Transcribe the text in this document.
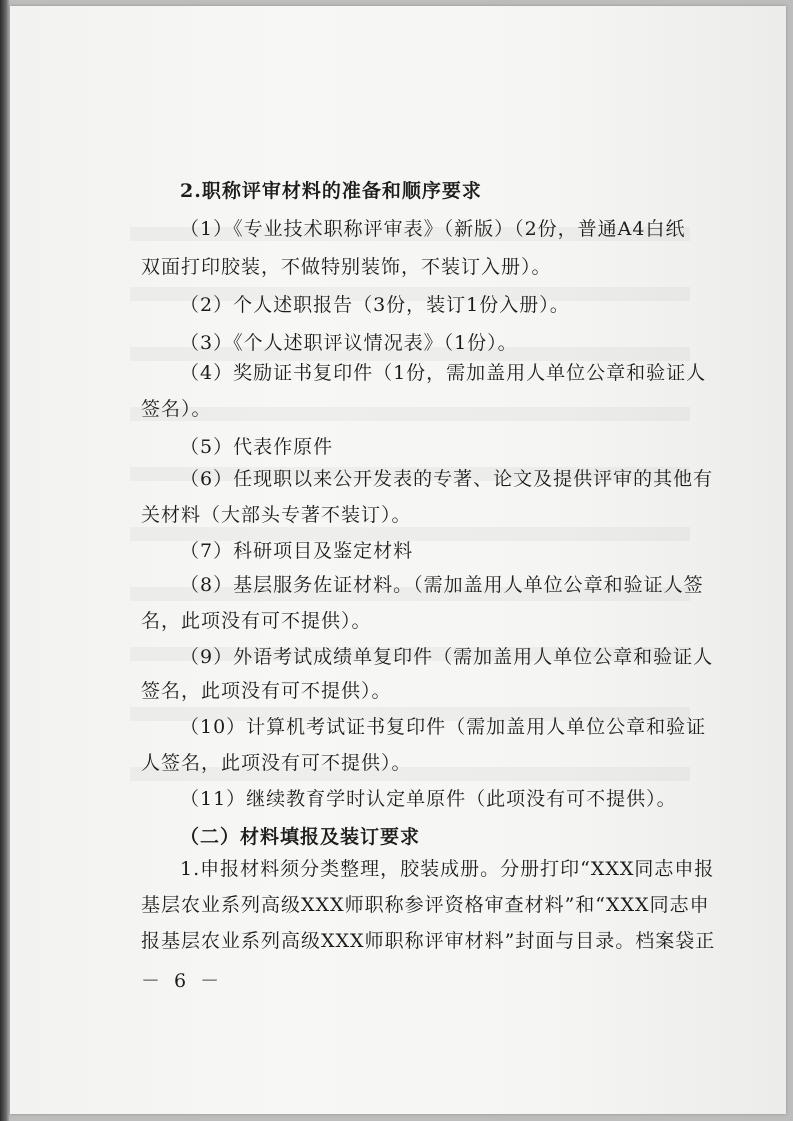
2.职称评审材料的准备和顺序要求
（1）《专业技术职称评审表》（新版）（2份，普通A4白纸
双面打印胶装，不做特别装饰，不装订入册）。
（2）个人述职报告（3份，装订1份入册）。
（3）《个人述职评议情况表》（1份）。
（4）奖励证书复印件（1份，需加盖用人单位公章和验证人
签名）。
（5）代表作原件
（6）任现职以来公开发表的专著、论文及提供评审的其他有
关材料（大部头专著不装订）。
（7）科研项目及鉴定材料
（8）基层服务佐证材料。（需加盖用人单位公章和验证人签
名，此项没有可不提供）。
（9）外语考试成绩单复印件（需加盖用人单位公章和验证人
签名，此项没有可不提供）。
（10）计算机考试证书复印件（需加盖用人单位公章和验证
人签名，此项没有可不提供）。
（11）继续教育学时认定单原件（此项没有可不提供）。
（二）材料填报及装订要求
1.申报材料须分类整理，胶装成册。分册打印“XXX同志申报
基层农业系列高级XXX师职称参评资格审查材料”和“XXX同志申
报基层农业系列高级XXX师职称评审材料”封面与目录。档案袋正
－ 6 －
